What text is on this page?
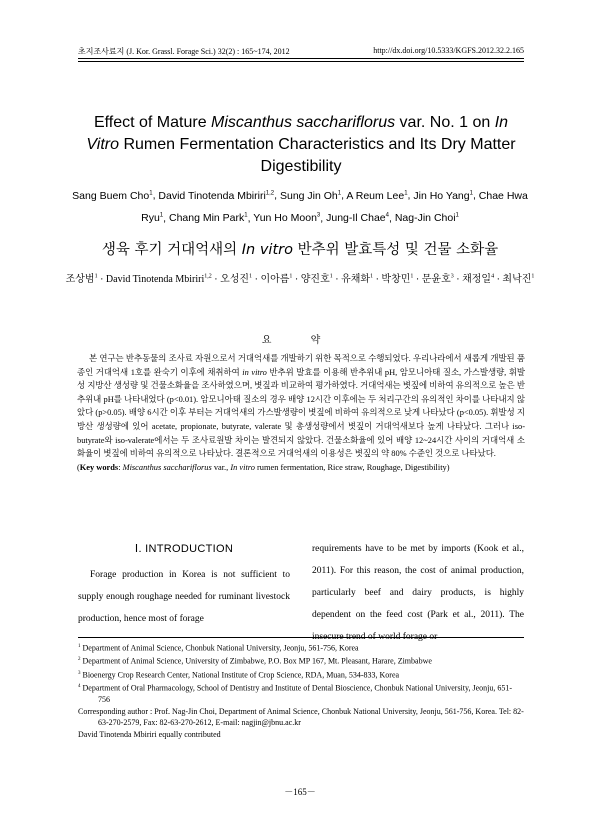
초지조사료지 (J. Kor. Grassl. Forage Sci.) 32(2) : 165~174, 2012	http://dx.doi.org/10.5333/KGFS.2012.32.2.165
Effect of Mature Miscanthus sacchariflorus var. No. 1 on In Vitro Rumen Fermentation Characteristics and Its Dry Matter Digestibility
Sang Buem Cho$^1$, David Tinotenda Mbiriri$^{1,2}$, Sung Jin Oh$^1$, A Reum Lee$^1$, Jin Ho Yang$^1$, Chae Hwa Ryu$^1$, Chang Min Park$^1$, Yun Ho Moon$^3$, Jung-Il Chae$^4$, Nag-Jin Choi$^1$
생육 후기 거대억새의 In vitro 반추위 발효특성 및 건물 소화율
조상범$^1$ · David Tinotenda Mbiriri$^{1,2}$ · 오성진$^1$ · 이아름$^1$ · 양진호$^1$ · 유채화$^1$ · 박창민$^1$ · 문윤호$^3$ · 채정일$^4$ · 최낙진$^1$
요 약

본 연구는 반추동물의 조사료 자원으로서 거대억새를 개발하기 위한 목적으로 수행되었다. 우리나라에서 새롭게 개발된 품종인 거대억새 1호를 완숙기 이후에 채취하여 in vitro 반추위 발효를 이용해 반추위내 pH, 암모니아태 질소, 가스발생량, 휘발성 지방산 생성량 및 건물소화율을 조사하였으며, 볏짚과 비교하여 평가하였다. 거대억새는 볏짚에 비하여 유의적으로 높은 반추위내 pH를 나타내었다 (p<0.01). 암모니아태 질소의 경우 배양 12시간 이후에는 두 처리구간의 유의적인 차이를 나타내지 않았다 (p>0.05). 배양 6시간 이후 부터는 거대억새의 가스발생량이 볏짚에 비하여 유의적으로 낮게 나타났다 (p<0.05). 휘발성 지방산 생성량에 있어 acetate, propionate, butyrate, valerate 및 총생성량에서 볏짚이 거대억새보다 높게 나타났다. 그러나 iso-butyrate와 iso-valerate에서는 두 조사료원발 차이는 발견되지 않았다. 건물소화율에 있어 배양 12~24시간 사이의 거대억새 소화율이 볏짚에 비하여 유의적으로 나타났다. 결론적으로 거대억새의 이용성은 볏짚의 약 80% 수준인 것으로 나타났다.

(Key words: Miscanthus sacchariflorus var., In vitro rumen fermentation, Rice straw, Roughage, Digestibility)

Ⅰ. INTRODUCTION

Forage production in Korea is not sufficient to supply enough roughage needed for ruminant livestock production, hence most of forage

requirements have to be met by imports (Kook et al., 2011). For this reason, the cost of animal production, particularly beef and dairy products, is highly dependent on the feed cost (Park et al., 2011). The insecure trend of world forage or

$^1$ Department of Animal Science, Chonbuk National University, Jeonju, 561-756, Korea

$^2$ Department of Animal Science, University of Zimbabwe, P.O. Box MP 167, Mt. Pleasant, Harare, Zimbabwe

$^3$ Bioenergy Crop Research Center, National Institute of Crop Science, RDA, Muan, 534-833, Korea

$^4$ Department of Oral Pharmacology, School of Dentistry and Institute of Dental Bioscience, Chonbuk National University, Jeonju, 651-756

Corresponding author : Prof. Nag-Jin Choi, Department of Animal Science, Chonbuk National University, Jeonju, 561-756, Korea. Tel: 82-63-270-2579, Fax: 82-63-270-2612, E-mail: nagjin@jbnu.ac.kr

David Tinotenda Mbiriri equally contributed

－165－
